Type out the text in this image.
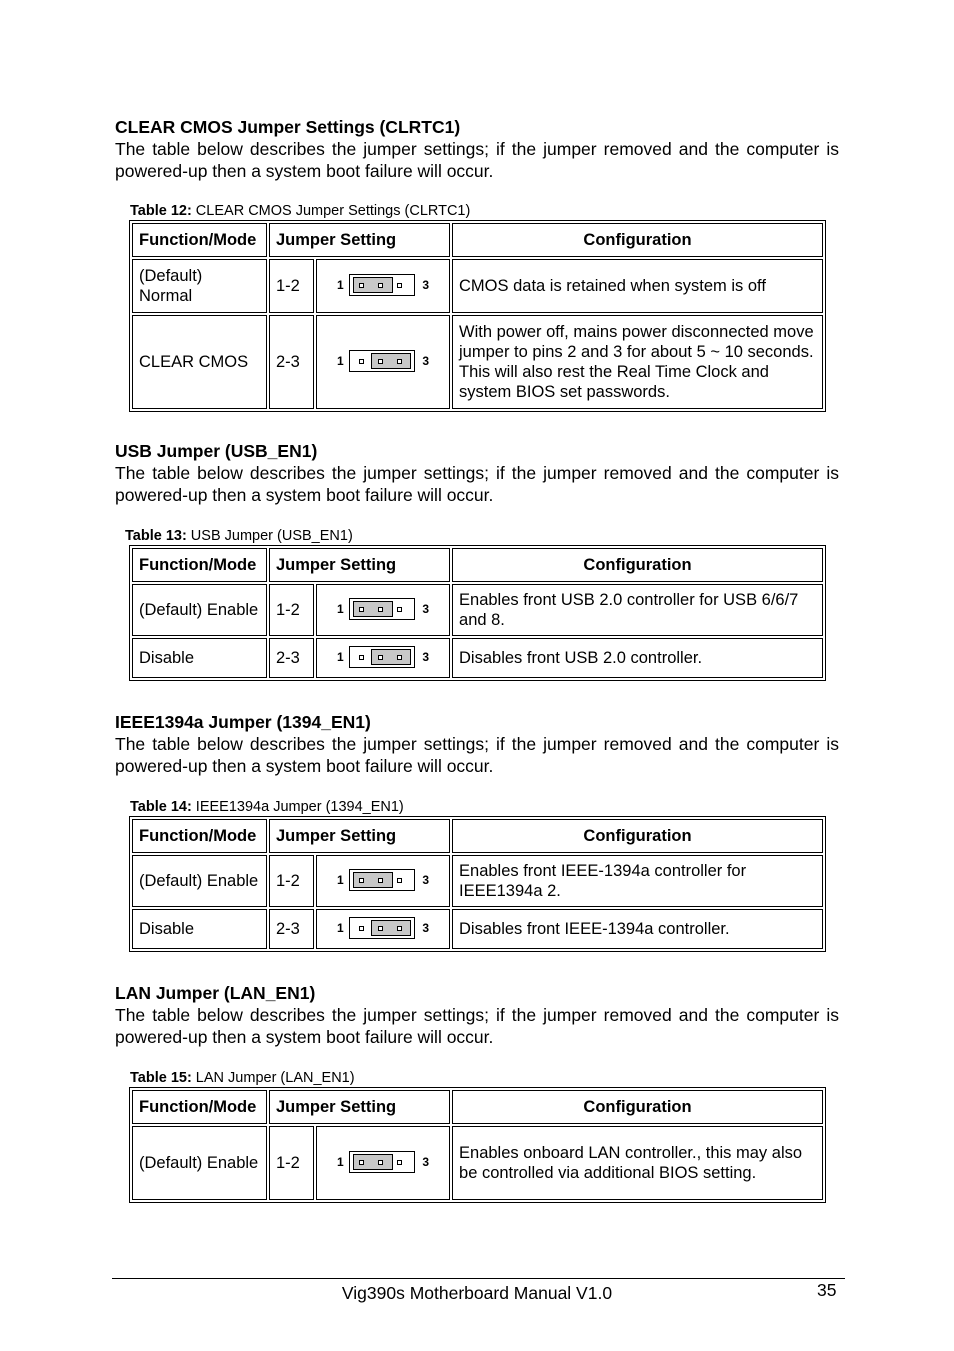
CLEAR CMOS Jumper Settings (CLRTC1)

The table below describes the jumper settings; if the jumper removed and the computer is powered-up then a system boot failure will occur.

Table 12: CLEAR CMOS Jumper Settings (CLRTC1)
Function/Mode	Jumper Setting		Configuration
(Default) Normal	1-2	1 3	CMOS data is retained when system is off
CLEAR CMOS	2-3	1 3	With power off, mains power disconnected move jumper to pins 2 and 3 for about 5 ~ 10 seconds. This will also rest the Real Time Clock and system BIOS set passwords.

USB Jumper (USB_EN1)

The table below describes the jumper settings; if the jumper removed and the computer is powered-up then a system boot failure will occur.

Table 13: USB Jumper (USB_EN1)
Function/Mode	Jumper Setting		Configuration
(Default) Enable	1-2	1 3	Enables front USB 2.0 controller for USB 6/6/7 and 8.
Disable	2-3	1 3	Disables front USB 2.0 controller.

IEEE1394a Jumper (1394_EN1)

The table below describes the jumper settings; if the jumper removed and the computer is powered-up then a system boot failure will occur.

Table 14: IEEE1394a Jumper (1394_EN1)
Function/Mode	Jumper Setting		Configuration
(Default) Enable	1-2	1 3	Enables front IEEE-1394a controller for IEEE1394a 2.
Disable	2-3	1 3	Disables front IEEE-1394a controller.

LAN Jumper (LAN_EN1)

The table below describes the jumper settings; if the jumper removed and the computer is powered-up then a system boot failure will occur.

Table 15: LAN Jumper (LAN_EN1)
Function/Mode	Jumper Setting		Configuration
(Default) Enable	1-2	1 3	Enables onboard LAN controller., this may also be controlled via additional BIOS setting.
Vig390s Motherboard Manual V1.0	35
